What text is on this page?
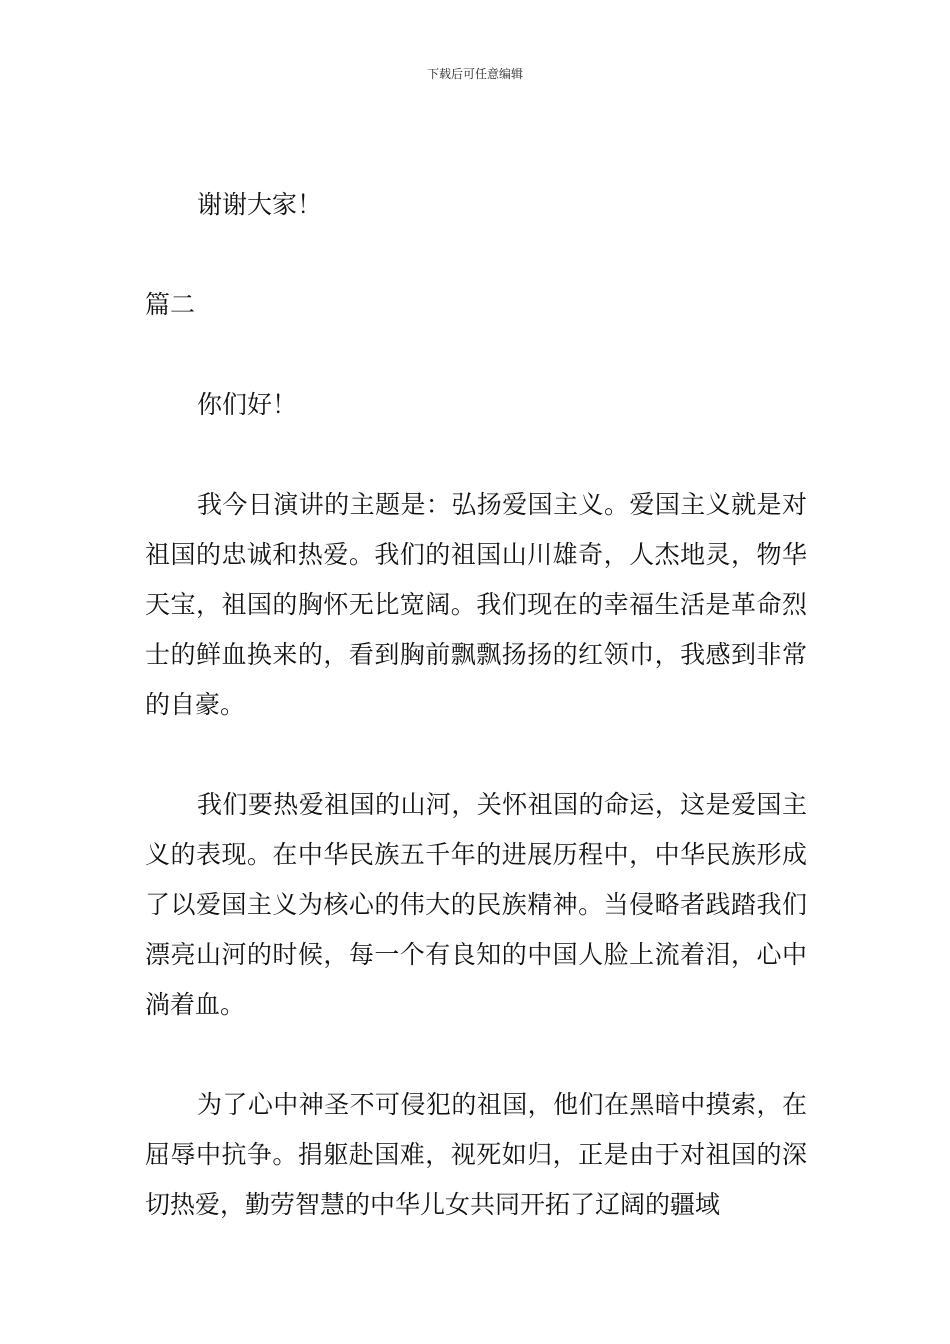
下载后可任意编辑

谢谢大家！

篇二

你们好！

我今日演讲的主题是：弘扬爱国主义。爱国主义就是对祖国的忠诚和热爱。我们的祖国山川雄奇，人杰地灵，物华天宝，祖国的胸怀无比宽阔。我们现在的幸福生活是革命烈士的鲜血换来的，看到胸前飘飘扬扬的红领巾，我感到非常的自豪。

我们要热爱祖国的山河，关怀祖国的命运，这是爱国主义的表现。在中华民族五千年的进展历程中，中华民族形成了以爱国主义为核心的伟大的民族精神。当侵略者践踏我们漂亮山河的时候，每一个有良知的中国人脸上流着泪，心中淌着血。

为了心中神圣不可侵犯的祖国，他们在黑暗中摸索，在屈辱中抗争。捐躯赴国难，视死如归，正是由于对祖国的深切热爱，勤劳智慧的中华儿女共同开拓了辽阔的疆域
